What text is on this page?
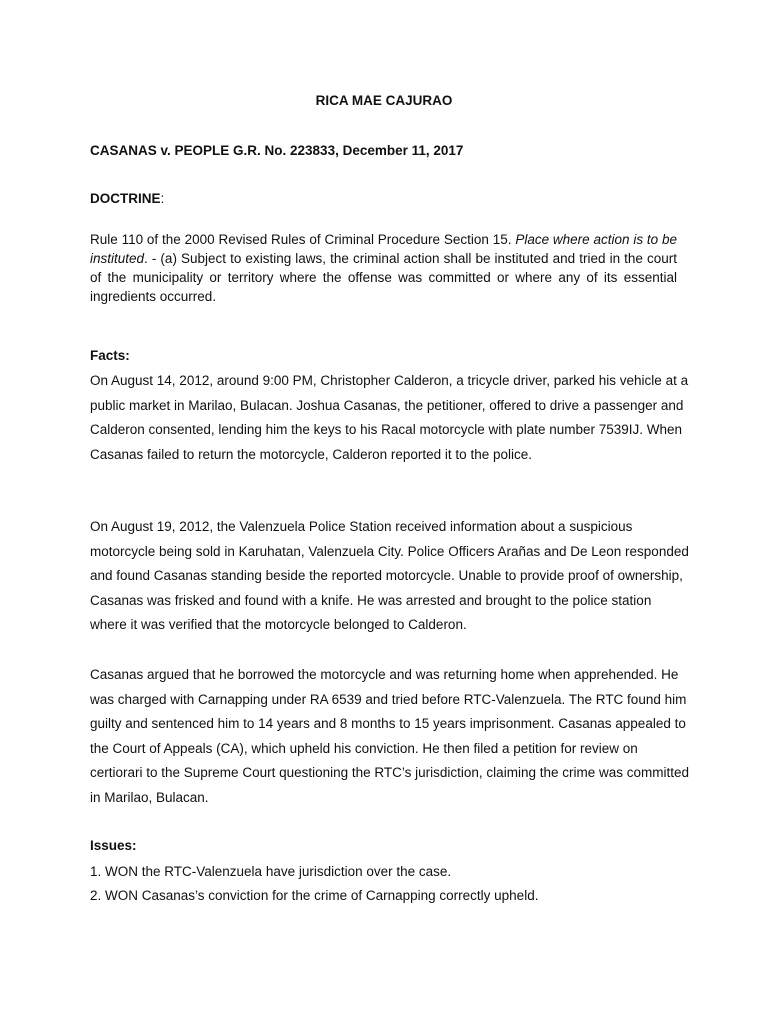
RICA MAE CAJURAO
CASANAS v. PEOPLE G.R. No. 223833, December 11, 2017
DOCTRINE:
Rule 110 of the 2000 Revised Rules of Criminal Procedure Section 15. Place where action is to be instituted. - (a) Subject to existing laws, the criminal action shall be instituted and tried in the court of the municipality or territory where the offense was committed or where any of its essential ingredients occurred.
Facts:
On August 14, 2012, around 9:00 PM, Christopher Calderon, a tricycle driver, parked his vehicle at a public market in Marilao, Bulacan. Joshua Casanas, the petitioner, offered to drive a passenger and Calderon consented, lending him the keys to his Racal motorcycle with plate number 7539IJ. When Casanas failed to return the motorcycle, Calderon reported it to the police.
On August 19, 2012, the Valenzuela Police Station received information about a suspicious motorcycle being sold in Karuhatan, Valenzuela City. Police Officers Arañas and De Leon responded and found Casanas standing beside the reported motorcycle. Unable to provide proof of ownership, Casanas was frisked and found with a knife. He was arrested and brought to the police station where it was verified that the motorcycle belonged to Calderon.
Casanas argued that he borrowed the motorcycle and was returning home when apprehended. He was charged with Carnapping under RA 6539 and tried before RTC-Valenzuela. The RTC found him guilty and sentenced him to 14 years and 8 months to 15 years imprisonment. Casanas appealed to the Court of Appeals (CA), which upheld his conviction. He then filed a petition for review on certiorari to the Supreme Court questioning the RTC’s jurisdiction, claiming the crime was committed in Marilao, Bulacan.
Issues:
1. WON the RTC-Valenzuela have jurisdiction over the case.
2. WON Casanas’s conviction for the crime of Carnapping correctly upheld.
